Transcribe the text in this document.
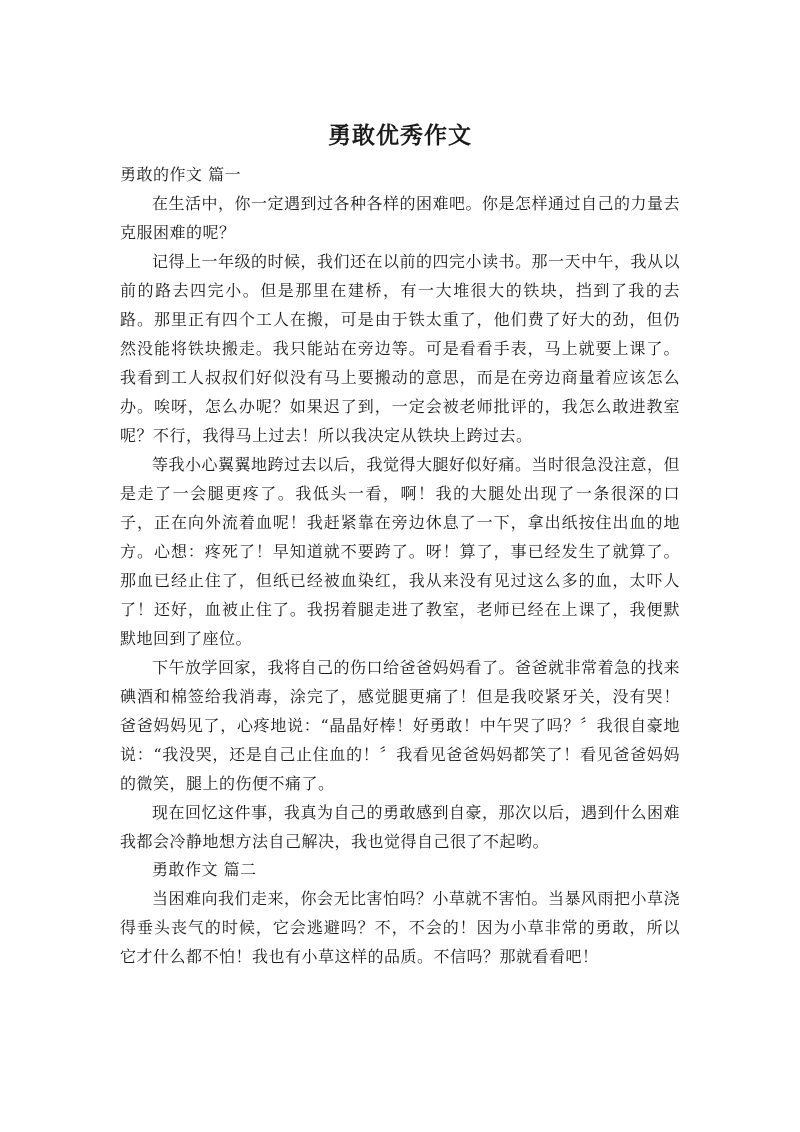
勇敢优秀作文

勇敢的作文 篇一

在生活中，你一定遇到过各种各样的困难吧。你是怎样通过自己的力量去克服困难的呢？

记得上一年级的时候，我们还在以前的四完小读书。那一天中午，我从以前的路去四完小。但是那里在建桥，有一大堆很大的铁块，挡到了我的去路。那里正有四个工人在搬，可是由于铁太重了，他们费了好大的劲，但仍然没能将铁块搬走。我只能站在旁边等。可是看看手表，马上就要上课了。我看到工人叔叔们好似没有马上要搬动的意思，而是在旁边商量着应该怎么办。唉呀，怎么办呢？如果迟了到，一定会被老师批评的，我怎么敢进教室呢？不行，我得马上过去！所以我决定从铁块上跨过去。

等我小心翼翼地跨过去以后，我觉得大腿好似好痛。当时很急没注意，但是走了一会腿更疼了。我低头一看，啊！我的大腿处出现了一条很深的口子，正在向外流着血呢！我赶紧靠在旁边休息了一下，拿出纸按住出血的地方。心想：疼死了！早知道就不要跨了。呀！算了，事已经发生了就算了。那血已经止住了，但纸已经被血染红，我从来没有见过这么多的血，太吓人了！还好，血被止住了。我拐着腿走进了教室，老师已经在上课了，我便默默地回到了座位。

下午放学回家，我将自己的伤口给爸爸妈妈看了。爸爸就非常着急的找来碘酒和棉签给我消毒，涂完了，感觉腿更痛了！但是我咬紧牙关，没有哭！爸爸妈妈见了，心疼地说：“晶晶好棒！好勇敢！中午哭了吗？〞我很自豪地说：“我没哭，还是自己止住血的！〞我看见爸爸妈妈都笑了！看见爸爸妈妈的微笑，腿上的伤便不痛了。

现在回忆这件事，我真为自己的勇敢感到自豪，那次以后，遇到什么困难我都会冷静地想方法自己解决，我也觉得自己很了不起哟。

勇敢作文 篇二

当困难向我们走来，你会无比害怕吗？小草就不害怕。当暴风雨把小草浇得垂头丧气的时候，它会逃避吗？不，不会的！因为小草非常的勇敢，所以它才什么都不怕！我也有小草这样的品质。不信吗？那就看看吧！
